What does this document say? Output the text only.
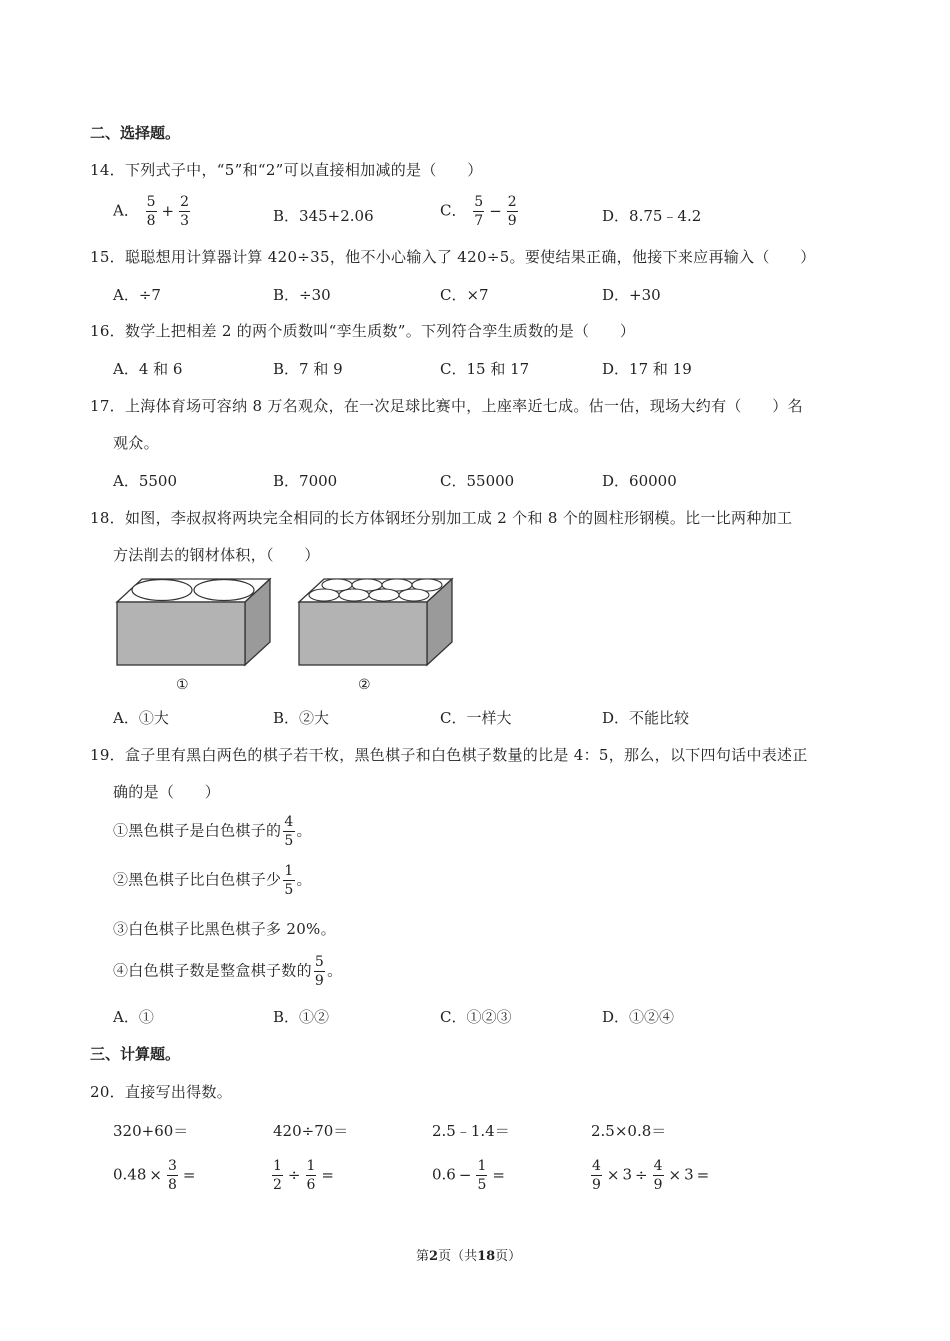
二、选择题。
14．下列式子中，“5”和“2”可以直接相加减的是（　　）
A． $\frac{5}{8} + \frac{2}{3}$	B．345+2.06	C． $\frac{5}{7} - \frac{2}{9}$	D．8.75﹣4.2
15．聪聪想用计算器计算 420÷35，他不小心输入了 420÷5。要使结果正确，他接下来应再输入（　　）
A．÷7	B．÷30	C．×7	D．+30
16．数学上把相差 2 的两个质数叫“孪生质数”。下列符合孪生质数的是（　　）
A．4 和 6	B．7 和 9	C．15 和 17	D．17 和 19
17．上海体育场可容纳 8 万名观众，在一次足球比赛中，上座率近七成。估一估，现场大约有（　　）名
观众。
A．5500	B．7000	C．55000	D．60000
18．如图，李叔叔将两块完全相同的长方体钢坯分别加工成 2 个和 8 个的圆柱形钢模。比一比两种加工
方法削去的钢材体积，（　　）
①	②
A．①大	B．②大	C．一样大	D．不能比较
19．盒子里有黑白两色的棋子若干枚，黑色棋子和白色棋子数量的比是 4：5，那么，以下四句话中表述正
确的是（　　）
①黑色棋子是白色棋子的 $\frac{4}{5}$ 。
②黑色棋子比白色棋子少 $\frac{1}{5}$ 。
③白色棋子比黑色棋子多 20%。
④白色棋子数是整盒棋子数的 $\frac{5}{9}$ 。
A．①	B．①②	C．①②③	D．①②④
三、计算题。
20．直接写出得数。
320+60＝	420÷70＝	2.5﹣1.4＝	2.5×0.8＝
$0.48 \times \frac{3}{8}$ =	$\frac{1}{2} \div \frac{1}{6}$ =	$0.6 - \frac{1}{5}$ =	$\frac{4}{9} \times 3 \div \frac{4}{9} \times 3$ =
第2页（共18页）
